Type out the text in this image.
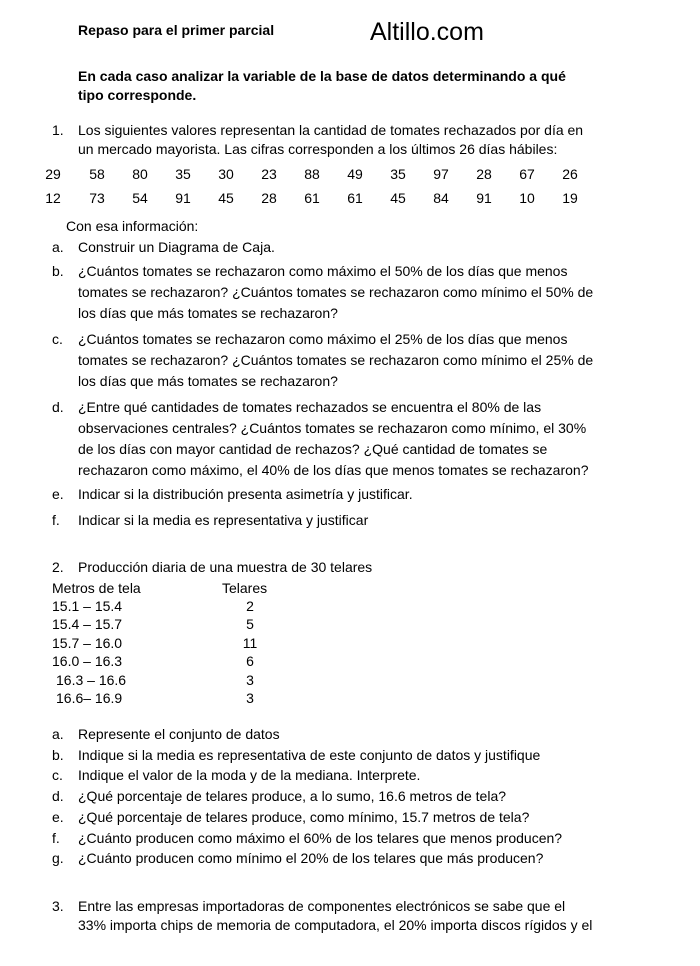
Repaso para el primer parcial	Altillo.com
En cada caso analizar la variable de la base de datos determinando a qué
tipo corresponde.
1. Los siguientes valores representan la cantidad de tomates rechazados por día en
un mercado mayorista. Las cifras corresponden a los últimos 26 días hábiles:
29	58	80	35	30	23	88	49	35	97	28	67	26
12	73	54	91	45	28	61	61	45	84	91	10	19
Con esa información:
a. Construir un Diagrama de Caja.
b. ¿Cuántos tomates se rechazaron como máximo el 50% de los días que menos
tomates se rechazaron? ¿Cuántos tomates se rechazaron como mínimo el 50% de
los días que más tomates se rechazaron?
c. ¿Cuántos tomates se rechazaron como máximo el 25% de los días que menos
tomates se rechazaron? ¿Cuántos tomates se rechazaron como mínimo el 25% de
los días que más tomates se rechazaron?
d. ¿Entre qué cantidades de tomates rechazados se encuentra el 80% de las
observaciones centrales? ¿Cuántos tomates se rechazaron como mínimo, el 30%
de los días con mayor cantidad de rechazos? ¿Qué cantidad de tomates se
rechazaron como máximo, el 40% de los días que menos tomates se rechazaron?
e. Indicar si la distribución presenta asimetría y justificar.
f. Indicar si la media es representativa y justificar
2. Producción diaria de una muestra de 30 telares
Metros de tela	Telares
15.1 – 15.4	2
15.4 – 15.7	5
15.7 – 16.0	11
16.0 – 16.3	6
16.3 – 16.6	3
16.6– 16.9	3
a. Represente el conjunto de datos
b. Indique si la media es representativa de este conjunto de datos y justifique
c. Indique el valor de la moda y de la mediana. Interprete.
d. ¿Qué porcentaje de telares produce, a lo sumo, 16.6 metros de tela?
e. ¿Qué porcentaje de telares produce, como mínimo, 15.7 metros de tela?
f. ¿Cuánto producen como máximo el 60% de los telares que menos producen?
g. ¿Cuánto producen como mínimo el 20% de los telares que más producen?
3. Entre las empresas importadoras de componentes electrónicos se sabe que el
33% importa chips de memoria de computadora, el 20% importa discos rígidos y el
